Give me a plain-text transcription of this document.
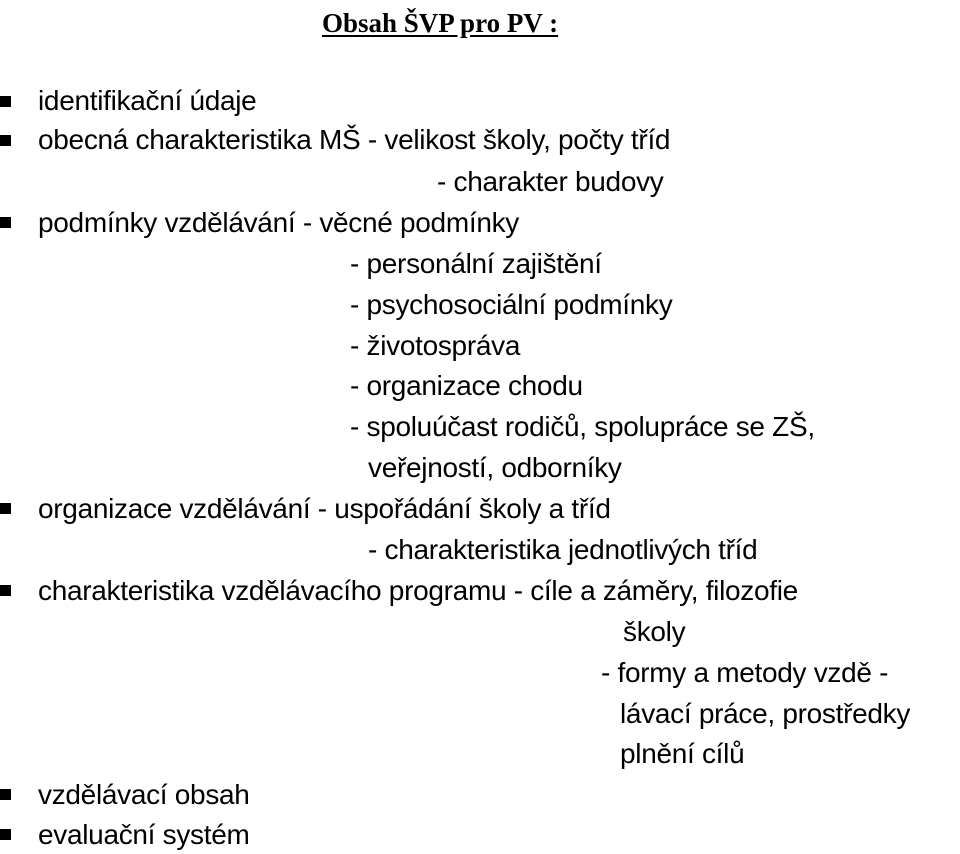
Obsah ŠVP pro PV :
identifikační údaje
obecná charakteristika MŠ - velikost školy, počty tříd
- charakter budovy
podmínky vzdělávání - věcné podmínky
- personální zajištění
- psychosociální podmínky
- životospráva
- organizace chodu
- spoluúčast rodičů, spolupráce se ZŠ,
veřejností, odborníky
organizace vzdělávání - uspořádání školy a tříd
- charakteristika jednotlivých tříd
charakteristika vzdělávacího programu - cíle a záměry, filozofie
školy
- formy a metody vzdě -
lávací práce, prostředky
plnění cílů
vzdělávací obsah
evaluační systém
